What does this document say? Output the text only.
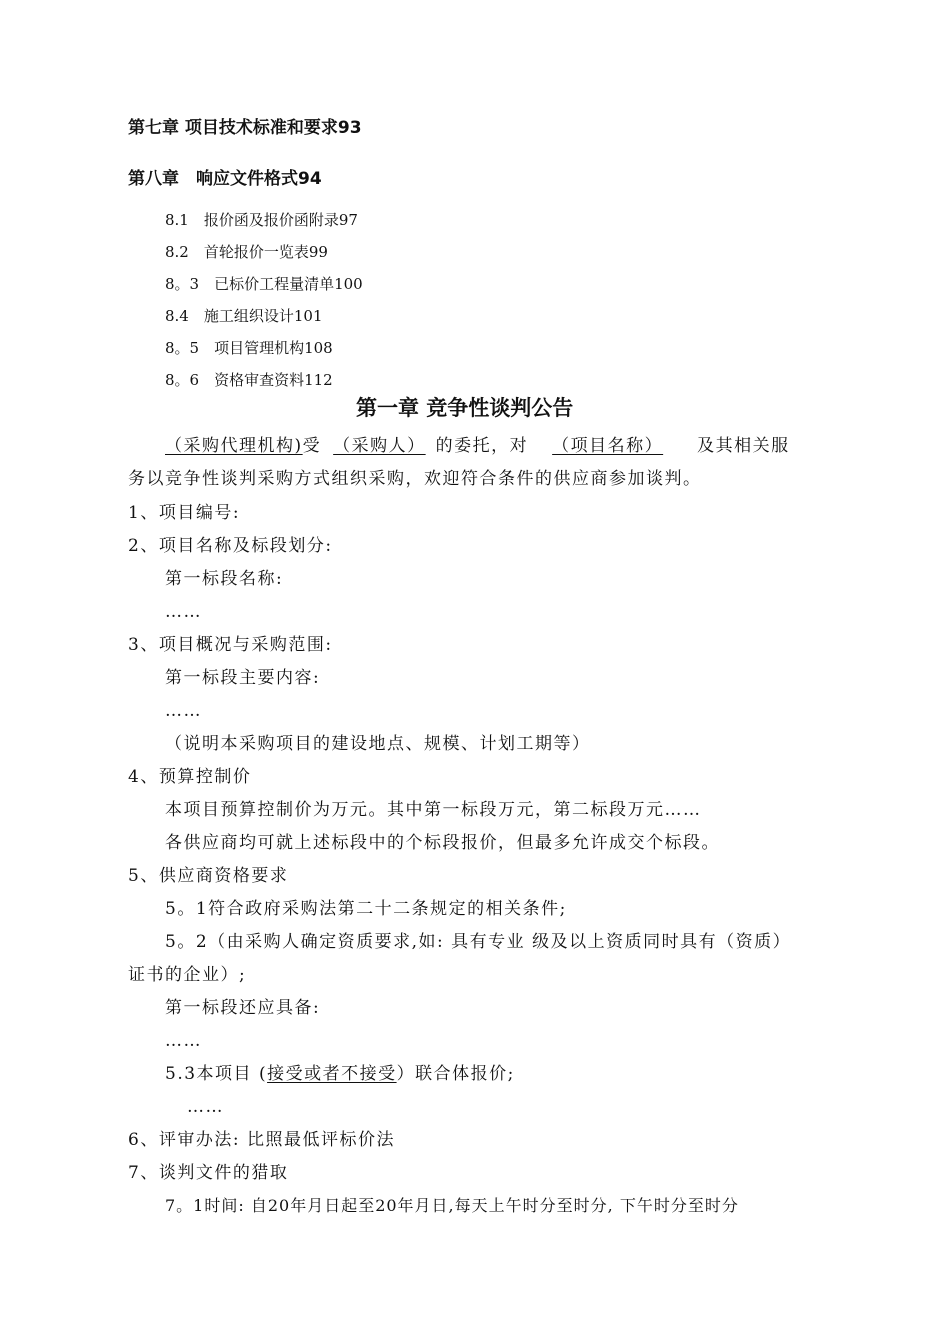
第七章 项目技术标准和要求93
第八章　响应文件格式94
8.1　报价函及报价函附录97
8.2　首轮报价一览表99
8。3　已标价工程量清单100
8.4　施工组织设计101
8。5　项目管理机构108
8。6　资格审查资料112
第一章 竞争性谈判公告
（采购代理机构)受 （采购人） 的委托，对 （项目名称） 及其相关服
务以竞争性谈判采购方式组织采购，欢迎符合条件的供应商参加谈判。
1、项目编号:
2、项目名称及标段划分:
第一标段名称:
……
3、项目概况与采购范围:
第一标段主要内容:
……
（说明本采购项目的建设地点、规模、计划工期等）
4、预算控制价
本项目预算控制价为万元。其中第一标段万元，第二标段万元……
各供应商均可就上述标段中的个标段报价，但最多允许成交个标段。
5、供应商资格要求
5。1符合政府采购法第二十二条规定的相关条件;
5。2（由采购人确定资质要求,如: 具有专业 级及以上资质同时具有（资质）
证书的企业）;
第一标段还应具备:
……
5.3本项目 (接受或者不接受）联合体报价;
……
6、评审办法: 比照最低评标价法
7、谈判文件的猎取
7。1时间: 自20年月日起至20年月日,每天上午时分至时分, 下午时分至时分
